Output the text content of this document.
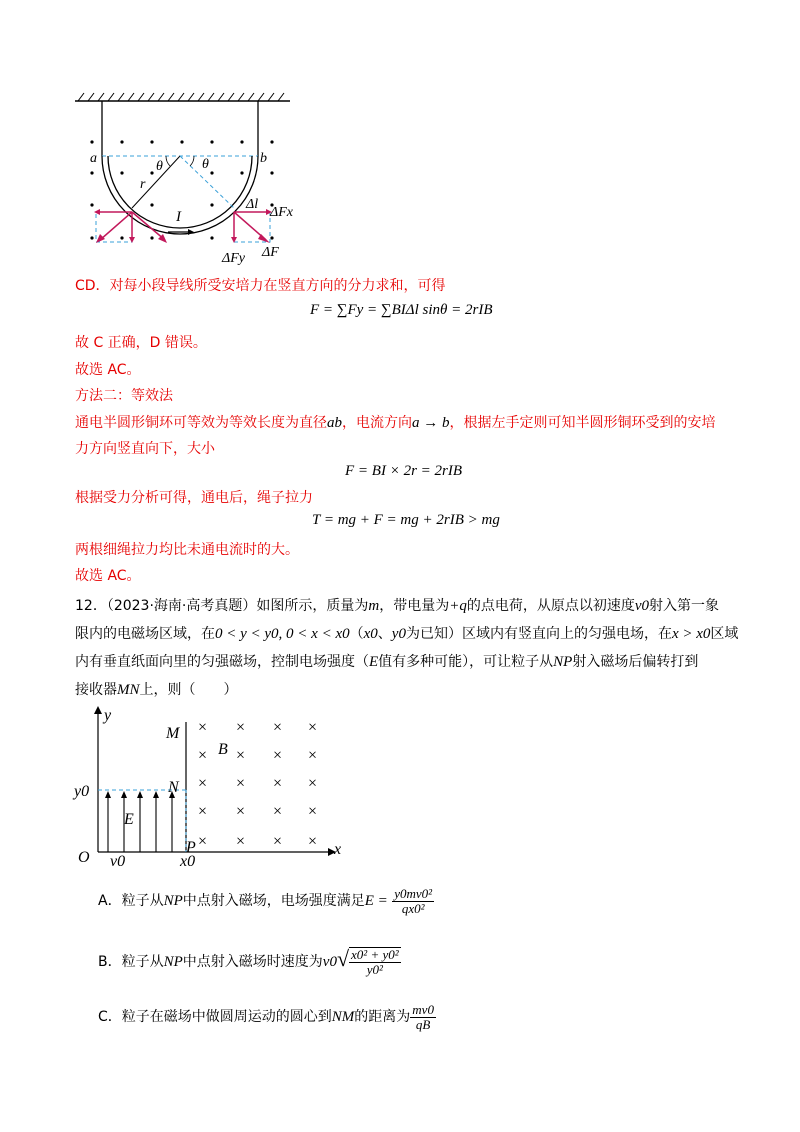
a	b
θ	θ
r
I
Δl
ΔFx
ΔFy ΔF
CD．对每小段导线所受安培力在竖直方向的分力求和，可得
F = ∑Fy = ∑BIΔl sinθ = 2rIB
故 C 正确，D 错误。
故选 AC。
方法二：等效法
通电半圆形铜环可等效为等效长度为直径ab，电流方向a → b，根据左手定则可知半圆形铜环受到的安培
力方向竖直向下，大小
F = BI × 2r = 2rIB
根据受力分析可得，通电后，绳子拉力
T = mg + F = mg + 2rIB > mg
两根细绳拉力均比未通电流时的大。
故选 AC。
12．（2023·海南·高考真题）如图所示，质量为m，带电量为+q的点电荷，从原点以初速度v0射入第一象
限内的电磁场区域，在0 < y < y0, 0 < x < x0（x0、y0为已知）区域内有竖直向上的匀强电场，在x > x0区域
内有垂直纸面向里的匀强磁场，控制电场强度（E值有多种可能），可让粒子从NP射入磁场后偏转打到
接收器MN上，则（　　）
× × × ×
× × × ×
× × × ×
× × × ×
× × × ×
y
x
O
M
N
P
B
E
y0
x0
v0
A．粒子从NP中点射入磁场，电场强度满足$E = \frac{\text{y0mv0²}}{\text{qx0²}}$
B．粒子从NP中点射入磁场时速度为$v0√ \frac{\text{x0² + y0²}}{\text{y0²}}$
C．粒子在磁场中做圆周运动的圆心到NM的距离为 $\frac{mv0}{qB}$
